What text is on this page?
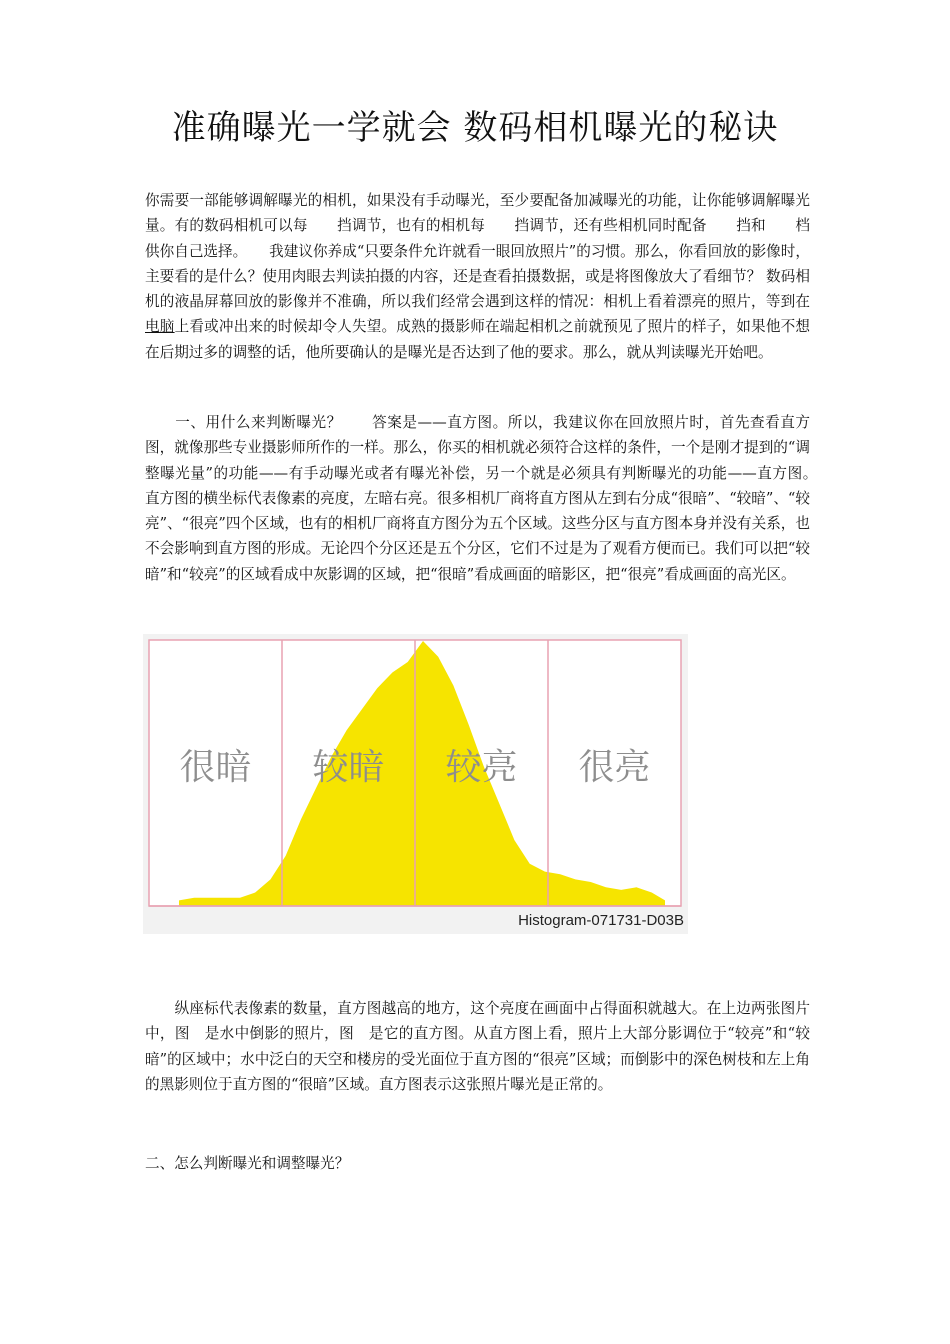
准确曝光一学就会 数码相机曝光的秘诀

你需要一部能够调解曝光的相机，如果没有手动曝光，至少要配备加减曝光的功能，让你能够调解曝光量。有的数码相机可以每　　挡调节，也有的相机每　　挡调节，还有些相机同时配备　　挡和　　档供你自己选择。　　我建议你养成“只要条件允许就看一眼回放照片”的习惯。那么，你看回放的影像时，主要看的是什么？使用肉眼去判读拍摄的内容，还是查看拍摄数据，或是将图像放大了看细节？ 数码相机的液晶屏幕回放的影像并不准确，所以我们经常会遇到这样的情况：相机上看着漂亮的照片，等到在电脑上看或冲出来的时候却令人失望。成熟的摄影师在端起相机之前就预见了照片的样子，如果他不想在后期过多的调整的话，他所要确认的是曝光是否达到了他的要求。那么，就从判读曝光开始吧。

　　一、用什么来判断曝光？　　答案是——直方图。所以，我建议你在回放照片时，首先查看直方图，就像那些专业摄影师所作的一样。那么，你买的相机就必须符合这样的条件，一个是刚才提到的“调整曝光量”的功能——有手动曝光或者有曝光补偿，另一个就是必须具有判断曝光的功能——直方图。　　直方图的横坐标代表像素的亮度，左暗右亮。很多相机厂商将直方图从左到右分成“很暗”、“较暗”、“较亮”、“很亮”四个区域，也有的相机厂商将直方图分为五个区域。这些分区与直方图本身并没有关系，也不会影响到直方图的形成。无论四个分区还是五个分区，它们不过是为了观看方便而已。我们可以把“较暗”和“较亮”的区域看成中灰影调的区域，把“很暗”看成画面的暗影区，把“很亮”看成画面的高光区。

很暗 较暗 较亮 很亮
Histogram-071731-D03B

　　纵座标代表像素的数量，直方图越高的地方，这个亮度在画面中占得面积就越大。在上边两张图片中，图　是水中倒影的照片，图　是它的直方图。从直方图上看，照片上大部分影调位于“较亮”和“较暗”的区域中；水中泛白的天空和楼房的受光面位于直方图的“很亮”区域；而倒影中的深色树枝和左上角的黑影则位于直方图的“很暗”区域。直方图表示这张照片曝光是正常的。

二、怎么判断曝光和调整曝光？
